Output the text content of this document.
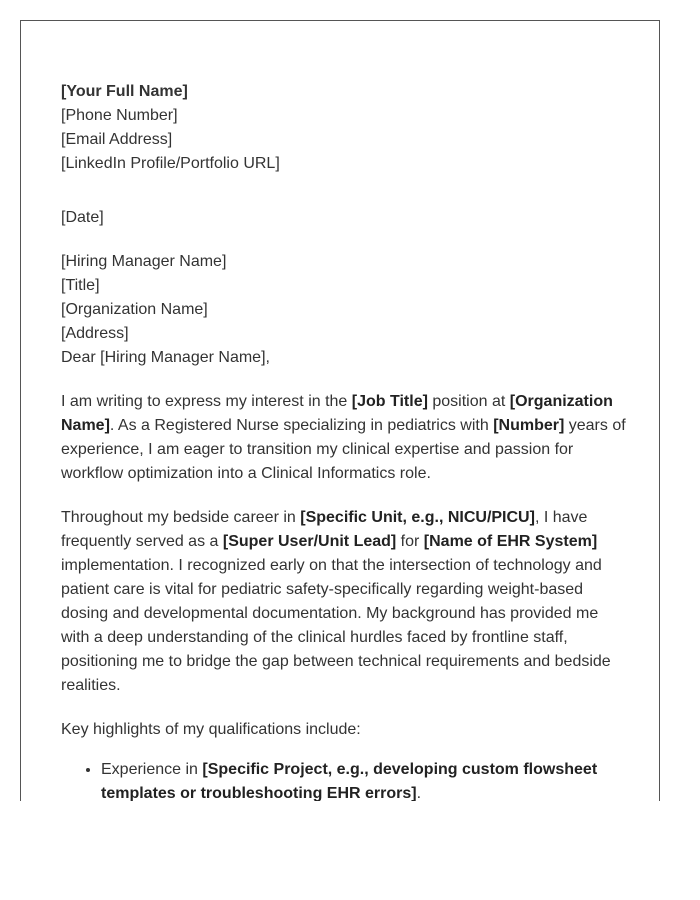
[Your Full Name]
[Phone Number]
[Email Address]
[LinkedIn Profile/Portfolio URL]
[Date]
[Hiring Manager Name]
[Title]
[Organization Name]
[Address]
Dear [Hiring Manager Name],

I am writing to express my interest in the [Job Title] position at [Organization Name]. As a Registered Nurse specializing in pediatrics with [Number] years of experience, I am eager to transition my clinical expertise and passion for workflow optimization into a Clinical Informatics role.

Throughout my bedside career in [Specific Unit, e.g., NICU/PICU], I have frequently served as a [Super User/Unit Lead] for [Name of EHR System] implementation. I recognized early on that the intersection of technology and patient care is vital for pediatric safety-specifically regarding weight-based dosing and developmental documentation. My background has provided me with a deep understanding of the clinical hurdles faced by frontline staff, positioning me to bridge the gap between technical requirements and bedside realities.

Key highlights of my qualifications include:

• Experience in [Specific Project, e.g., developing custom flowsheet templates or troubleshooting EHR errors].
